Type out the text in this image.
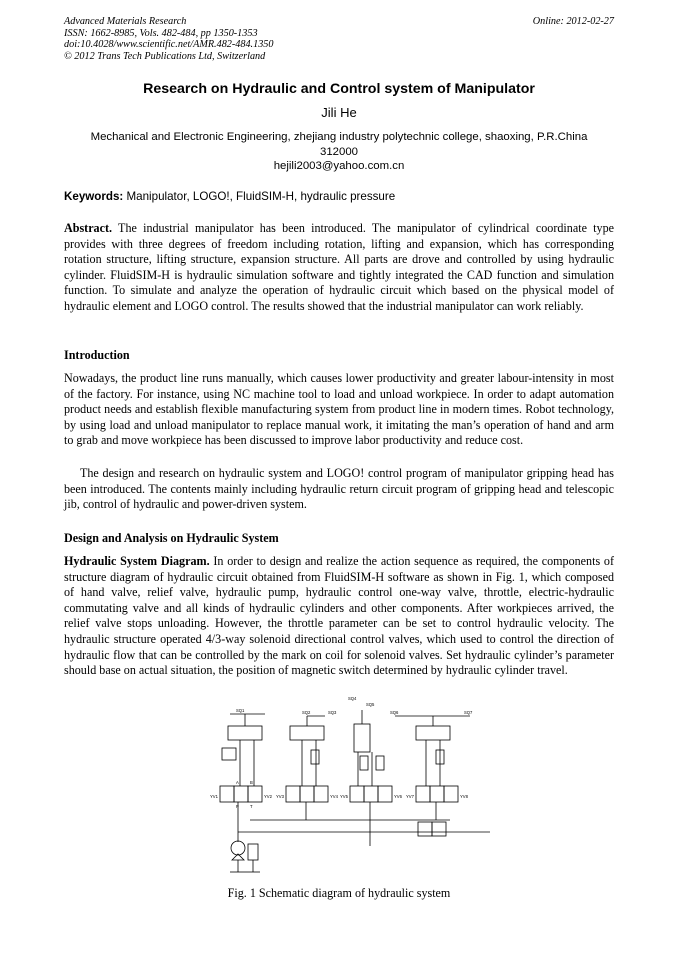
Advanced Materials Research
ISSN: 1662-8985, Vols. 482-484, pp 1350-1353
doi:10.4028/www.scientific.net/AMR.482-484.1350
© 2012 Trans Tech Publications Ltd, Switzerland
Online: 2012-02-27
Research on Hydraulic and Control system of Manipulator
Jili He
Mechanical and Electronic Engineering, zhejiang industry polytechnic college, shaoxing, P.R.China
312000
hejili2003@yahoo.com.cn
Keywords: Manipulator, LOGO!, FluidSIM-H, hydraulic pressure
Abstract. The industrial manipulator has been introduced. The manipulator of cylindrical coordinate type provides with three degrees of freedom including rotation, lifting and expansion, which has corresponding rotation structure, lifting structure, expansion structure. All parts are drove and controlled by using hydraulic cylinder. FluidSIM-H is hydraulic simulation software and tightly integrated the CAD function and simulation function. To simulate and analyze the operation of hydraulic circuit which based on the physical model of hydraulic element and LOGO control. The results showed that the industrial manipulator can work reliably.
Introduction
Nowadays, the product line runs manually, which causes lower productivity and greater labour-intensity in most of the factory. For instance, using NC machine tool to load and unload workpiece. In order to adapt automation product needs and establish flexible manufacturing system from product line in modern times. Robot technology, by using load and unload manipulator to replace manual work, it imitating the man’s operation of hand and arm to grab and move workpiece has been discussed to improve labor productivity and reduce cost.
The design and research on hydraulic system and LOGO! control program of manipulator gripping head has been introduced. The contents mainly including hydraulic return circuit program of gripping head and telescopic jib, control of hydraulic and power-driven system.
Design and Analysis on Hydraulic System
Hydraulic System Diagram. In order to design and realize the action sequence as required, the components of structure diagram of hydraulic circuit obtained from FluidSIM-H software as shown in Fig. 1, which composed of hand valve, relief valve, hydraulic pump, hydraulic control one-way valve, throttle, electric-hydraulic commutating valve and all kinds of hydraulic cylinders and other components. After workpieces arrived, the relief valve stops unloading. However, the throttle parameter can be set to control hydraulic velocity. The hydraulic structure operated 4/3-way solenoid directional control valves, which used to control the direction of hydraulic flow that can be controlled by the mark on coil for solenoid valves. Set hydraulic cylinder’s parameter should base on actual situation, the position of magnetic switch determined by hydraulic cylinder travel.
SQ1	SQ2	SQ3
SQ4
SQ5
SQ6	SQ7
YV1	YV2 YV3	YV4 YV5	YV6 YV7	YV8
A	B
P	T
Fig. 1 Schematic diagram of hydraulic system
